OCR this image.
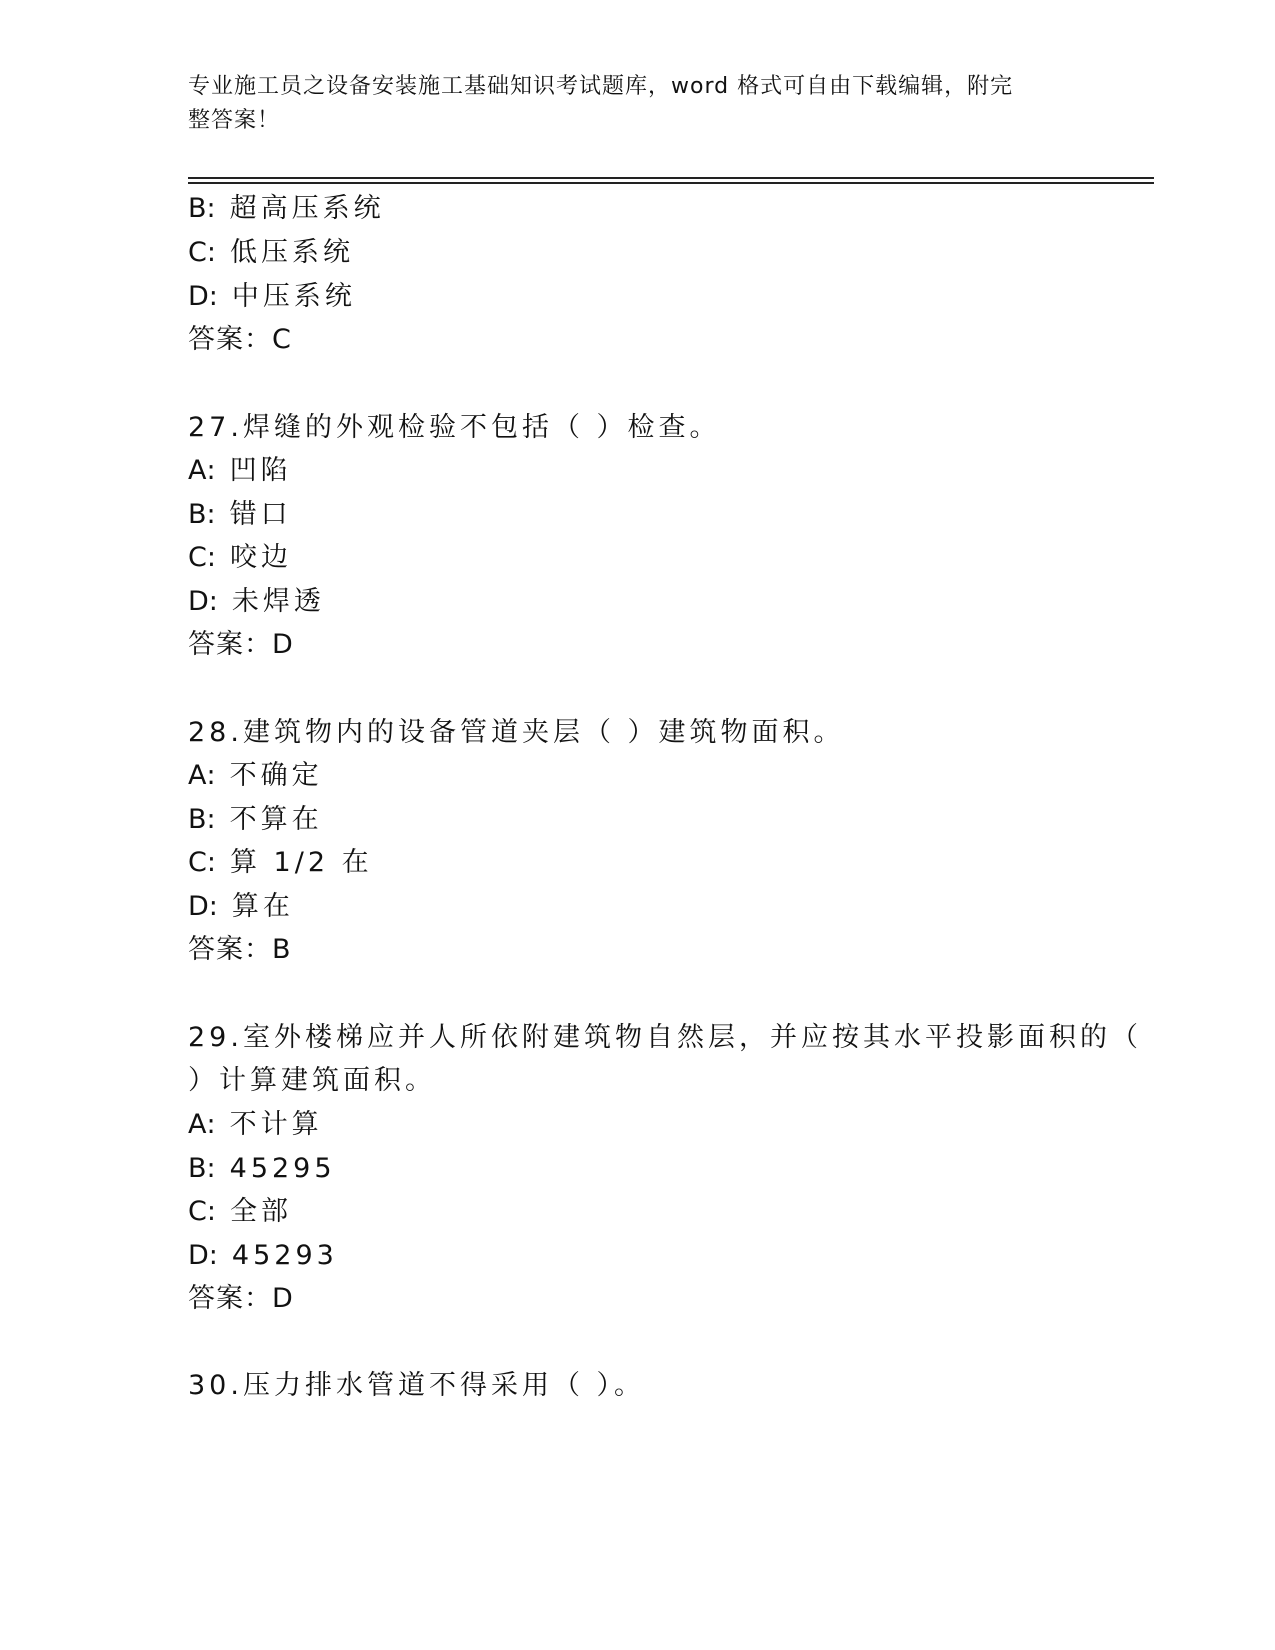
专业施工员之设备安装施工基础知识考试题库，word 格式可自由下载编辑，附完
整答案！
B: 超高压系统
C: 低压系统
D: 中压系统
答案：C
27.焊缝的外观检验不包括（ ）检查。
A: 凹陷
B: 错口
C: 咬边
D: 未焊透
答案：D
28.建筑物内的设备管道夹层（ ）建筑物面积。
A: 不确定
B: 不算在
C: 算 1/2 在
D: 算在
答案：B
29.室外楼梯应并人所依附建筑物自然层，并应按其水平投影面积的（
）计算建筑面积。
A: 不计算
B: 45295
C: 全部
D: 45293
答案：D
30.压力排水管道不得采用（ ）。
